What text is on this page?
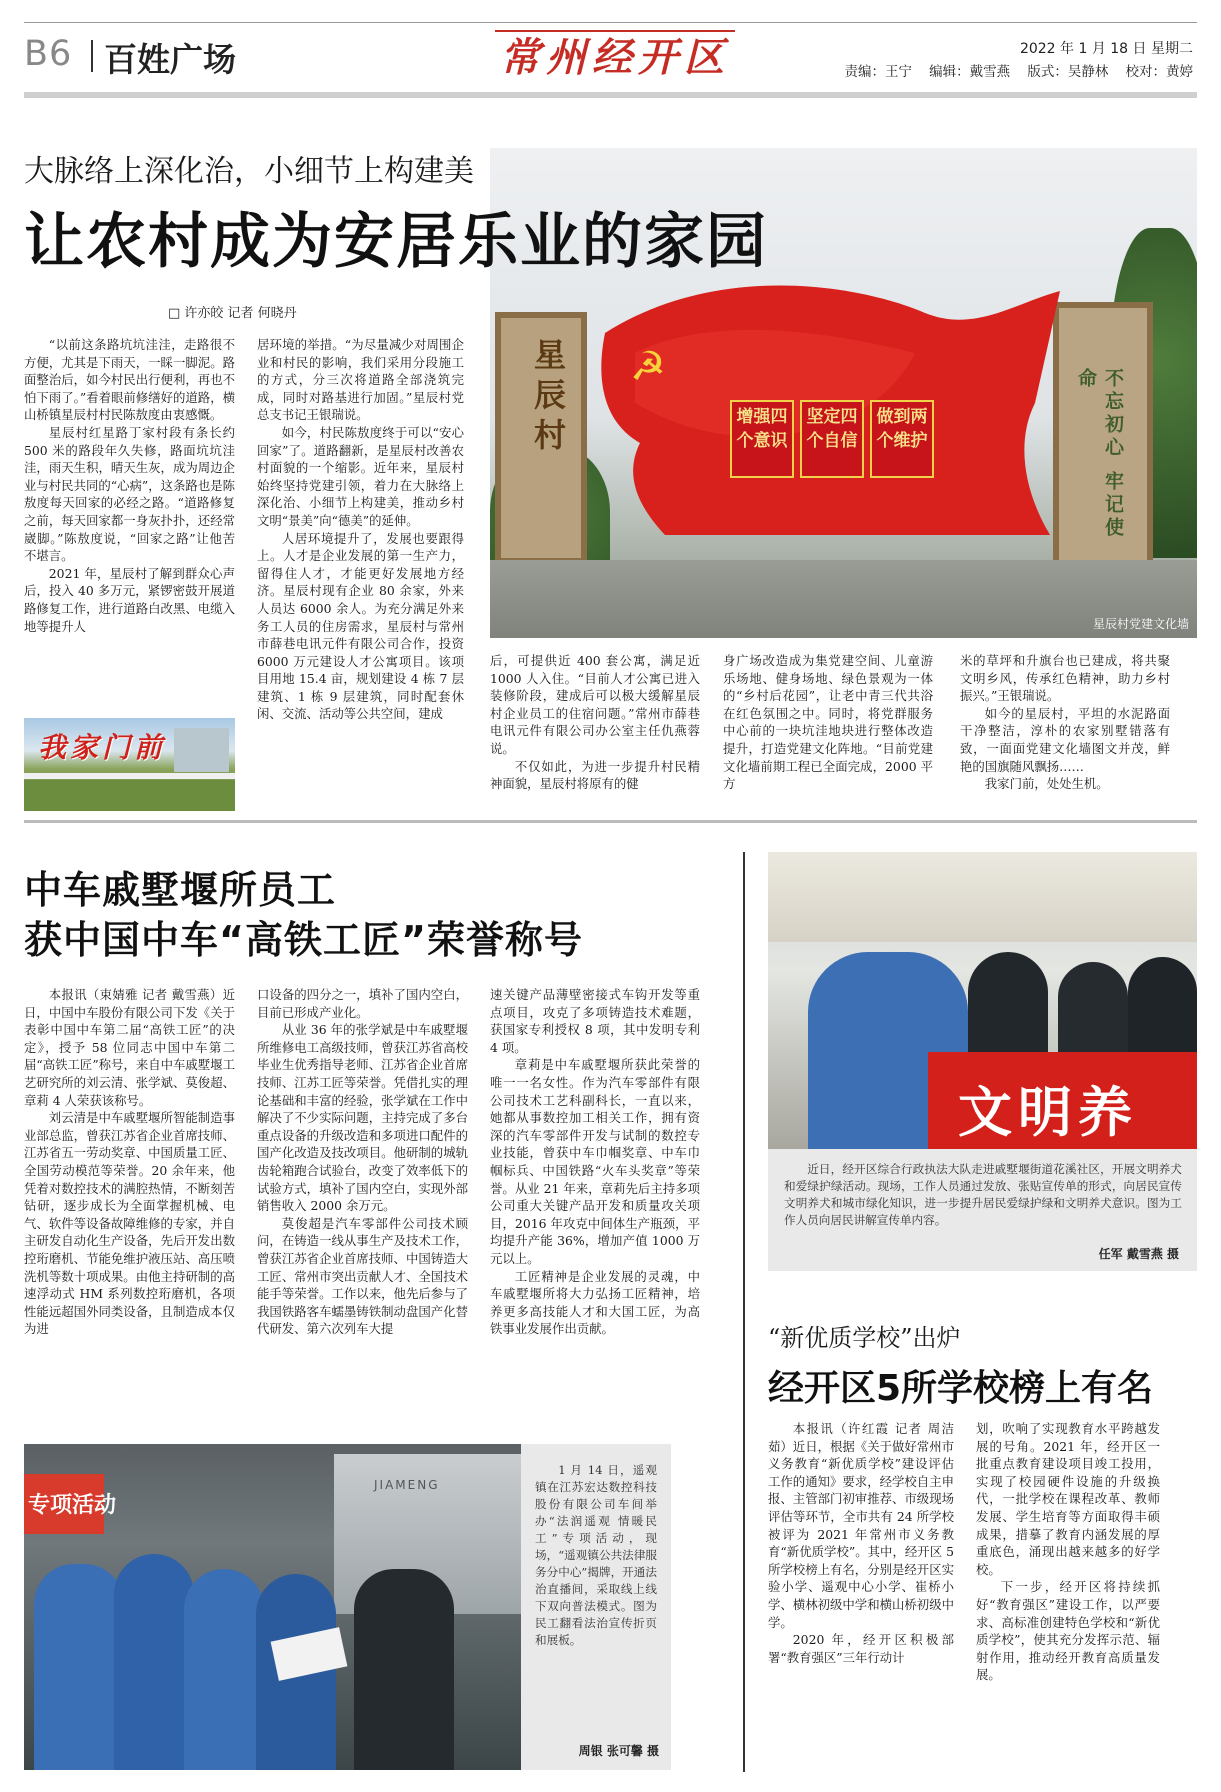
B6 百姓广场	常州经开区	2022 年 1 月 18 日 星期二
责编：王宁    编辑：戴雪燕    版式：吴静林    校对：黄婷
大脉络上深化治，小细节上构建美
让农村成为安居乐业的家园
□ 许亦皎 记者 何晓丹

“以前这条路坑坑洼洼，走路很不方便，尤其是下雨天，一睬一脚泥。路面整治后，如今村民出行便利，再也不怕下雨了。”看着眼前修缮好的道路，横山桥镇星辰村村民陈敖度由衷感慨。

星辰村红星路丁家村段有条长约 500 米的路段年久失修，路面坑坑洼洼，雨天生积，晴天生灰，成为周边企业与村民共同的“心病”，这条路也是陈敖度每天回家的必经之路。“道路修复之前，每天回家都一身灰扑扑，还经常崴脚。”陈敖度说，“回家之路”让他苦不堪言。

2021 年，星辰村了解到群众心声后，投入 40 多万元，紧锣密鼓开展道路修复工作，进行道路白改黑、电缆入地等提升人

我家门前

居环境的举措。“为尽量减少对周围企业和村民的影响，我们采用分段施工的方式，分三次将道路全部浇筑完成，同时对路基进行加固。”星辰村党总支书记王银瑞说。

如今，村民陈敖度终于可以“安心回家”了。道路翻新，是星辰村改善农村面貌的一个缩影。近年来，星辰村始终坚持党建引领，着力在大脉络上深化治、小细节上构建美，推动乡村文明“景美”向“德美”的延伸。

人居环境提升了，发展也要跟得上。人才是企业发展的第一生产力，留得住人才，才能更好发展地方经济。星辰村现有企业 80 余家，外来人员达 6000 余人。为充分满足外来务工人员的住房需求，星辰村与常州市薛巷电讯元件有限公司合作，投资 6000 万元建设人才公寓项目。该项目用地 15.4 亩，规划建设 4 栋 7 层建筑、1 栋 9 层建筑，同时配套休闲、交流、活动等公共空间，建成

星辰村	不忘初心 牢记使命
☭
增强四个意识
坚定四个自信
做到两个维护
星辰村党建文化墙

后，可提供近 400 套公寓，满足近 1000 人入住。“目前人才公寓已进入装修阶段，建成后可以极大缓解星辰村企业员工的住宿问题。”常州市薛巷电讯元件有限公司办公室主任仇燕蓉说。

不仅如此，为进一步提升村民精神面貌，星辰村将原有的健

身广场改造成为集党建空间、儿童游乐场地、健身场地、绿色景观为一体的“乡村后花园”，让老中青三代共浴在红色氛围之中。同时，将党群服务中心前的一块坑洼地块进行整体改造提升，打造党建文化阵地。“目前党建文化墙前期工程已全面完成，2000 平方

米的草坪和升旗台也已建成，将共聚文明乡风，传承红色精神，助力乡村振兴。”王银瑞说。

如今的星辰村，平坦的水泥路面干净整洁，淳朴的农家别墅错落有致，一面面党建文化墙图文并茂，鲜艳的国旗随风飘扬……

我家门前，处处生机。

中车戚墅堰所员工
获中国中车“高铁工匠”荣誉称号

本报讯（束婧雅 记者 戴雪燕）近日，中国中车股份有限公司下发《关于表彰中国中车第二届“高铁工匠”的决定》，授予 58 位同志中国中车第二届“高铁工匠”称号，来自中车戚墅堰工艺研究所的刘云清、张学斌、莫俊超、章莉 4 人荣获该称号。

刘云清是中车戚墅堰所智能制造事业部总监，曾获江苏省企业首席技师、江苏省五一劳动奖章、中国质量工匠、全国劳动模范等荣誉。20 余年来，他凭着对数控技术的满腔热情，不断刻苦钻研，逐步成长为全面掌握机械、电气、软件等设备故障维修的专家，并自主研发自动化生产设备，先后开发出数控珩磨机、节能免维护液压站、高压喷洗机等数十项成果。由他主持研制的高速浮动式 HM 系列数控珩磨机，各项性能远超国外同类设备，且制造成本仅为进

口设备的四分之一，填补了国内空白，目前已形成产业化。

从业 36 年的张学斌是中车戚墅堰所维修电工高级技师，曾获江苏省高校毕业生优秀指导老师、江苏省企业首席技师、江苏工匠等荣誉。凭借扎实的理论基础和丰富的经验，张学斌在工作中解决了不少实际问题，主持完成了多台重点设备的升级改造和多项进口配件的国产化改造及技改项目。他研制的城轨齿轮箱跑合试验台，改变了效率低下的试验方式，填补了国内空白，实现外部销售收入 2000 余万元。

莫俊超是汽车零部件公司技术顾问，在铸造一线从事生产及技术工作，曾获江苏省企业首席技师、中国铸造大工匠、常州市突出贡献人才、全国技术能手等荣誉。工作以来，他先后参与了我国铁路客车蠕墨铸铁制动盘国产化替代研发、第六次列车大提

速关键产品薄壁密接式车钩开发等重点项目，攻克了多项铸造技术难题，获国家专利授权 8 项，其中发明专利 4 项。

章莉是中车戚墅堰所获此荣誉的唯一一名女性。作为汽车零部件有限公司技术工艺科副科长，一直以来，她都从事数控加工相关工作，拥有资深的汽车零部件开发与试制的数控专业技能，曾获中车巾帼奖章、中车巾帼标兵、中国铁路“火车头奖章”等荣誉。从业 21 年来，章莉先后主持多项公司重大关键产品开发和质量攻关项目，2016 年攻克中间体生产瓶颈，平均提升产能 36%，增加产值 1000 万元以上。

工匠精神是企业发展的灵魂，中车戚墅堰所将大力弘扬工匠精神，培养更多高技能人才和大国工匠，为高铁事业发展作出贡献。

专项活动
JIAMENG
1 月 14 日，遥观镇在江苏宏达数控科技股份有限公司车间举办“法润遥观 情暖民工”专项活动，现场，“遥观镇公共法律服务分中心”揭牌，开通法治直播间，采取线上线下双向普法模式。图为民工翻看法治宣传折页和展板。
周银 张可馨 摄
文明养
近日，经开区综合行政执法大队走进戚墅堰街道花溪社区，开展文明养犬和爱绿护绿活动。现场，工作人员通过发放、张贴宣传单的形式，向居民宣传文明养犬和城市绿化知识，进一步提升居民爱绿护绿和文明养犬意识。图为工作人员向居民讲解宣传单内容。
任军 戴雪燕 摄
“新优质学校”出炉
经开区5所学校榜上有名

本报讯（许红霞 记者 周洁茹）近日，根据《关于做好常州市义务教育“新优质学校”建设评估工作的通知》要求，经学校自主申报、主管部门初审推荐、市级现场评估等环节，全市共有 24 所学校被评为 2021 年常州市义务教育“新优质学校”。其中，经开区 5 所学校榜上有名，分别是经开区实验小学、遥观中心小学、崔桥小学、横林初级中学和横山桥初级中学。

2020 年，经开区积极部署“教育强区”三年行动计

划，吹响了实现教育水平跨越发展的号角。2021 年，经开区一批重点教育建设项目竣工投用，实现了校园硬件设施的升级换代，一批学校在课程改革、教师发展、学生培育等方面取得丰硕成果，措摹了教育内涵发展的厚重底色，涌现出越来越多的好学校。

下一步，经开区将持续抓好“教育强区”建设工作，以严要求、高标准创建特色学校和“新优质学校”，使其充分发挥示范、辐射作用，推动经开教育高质量发展。
